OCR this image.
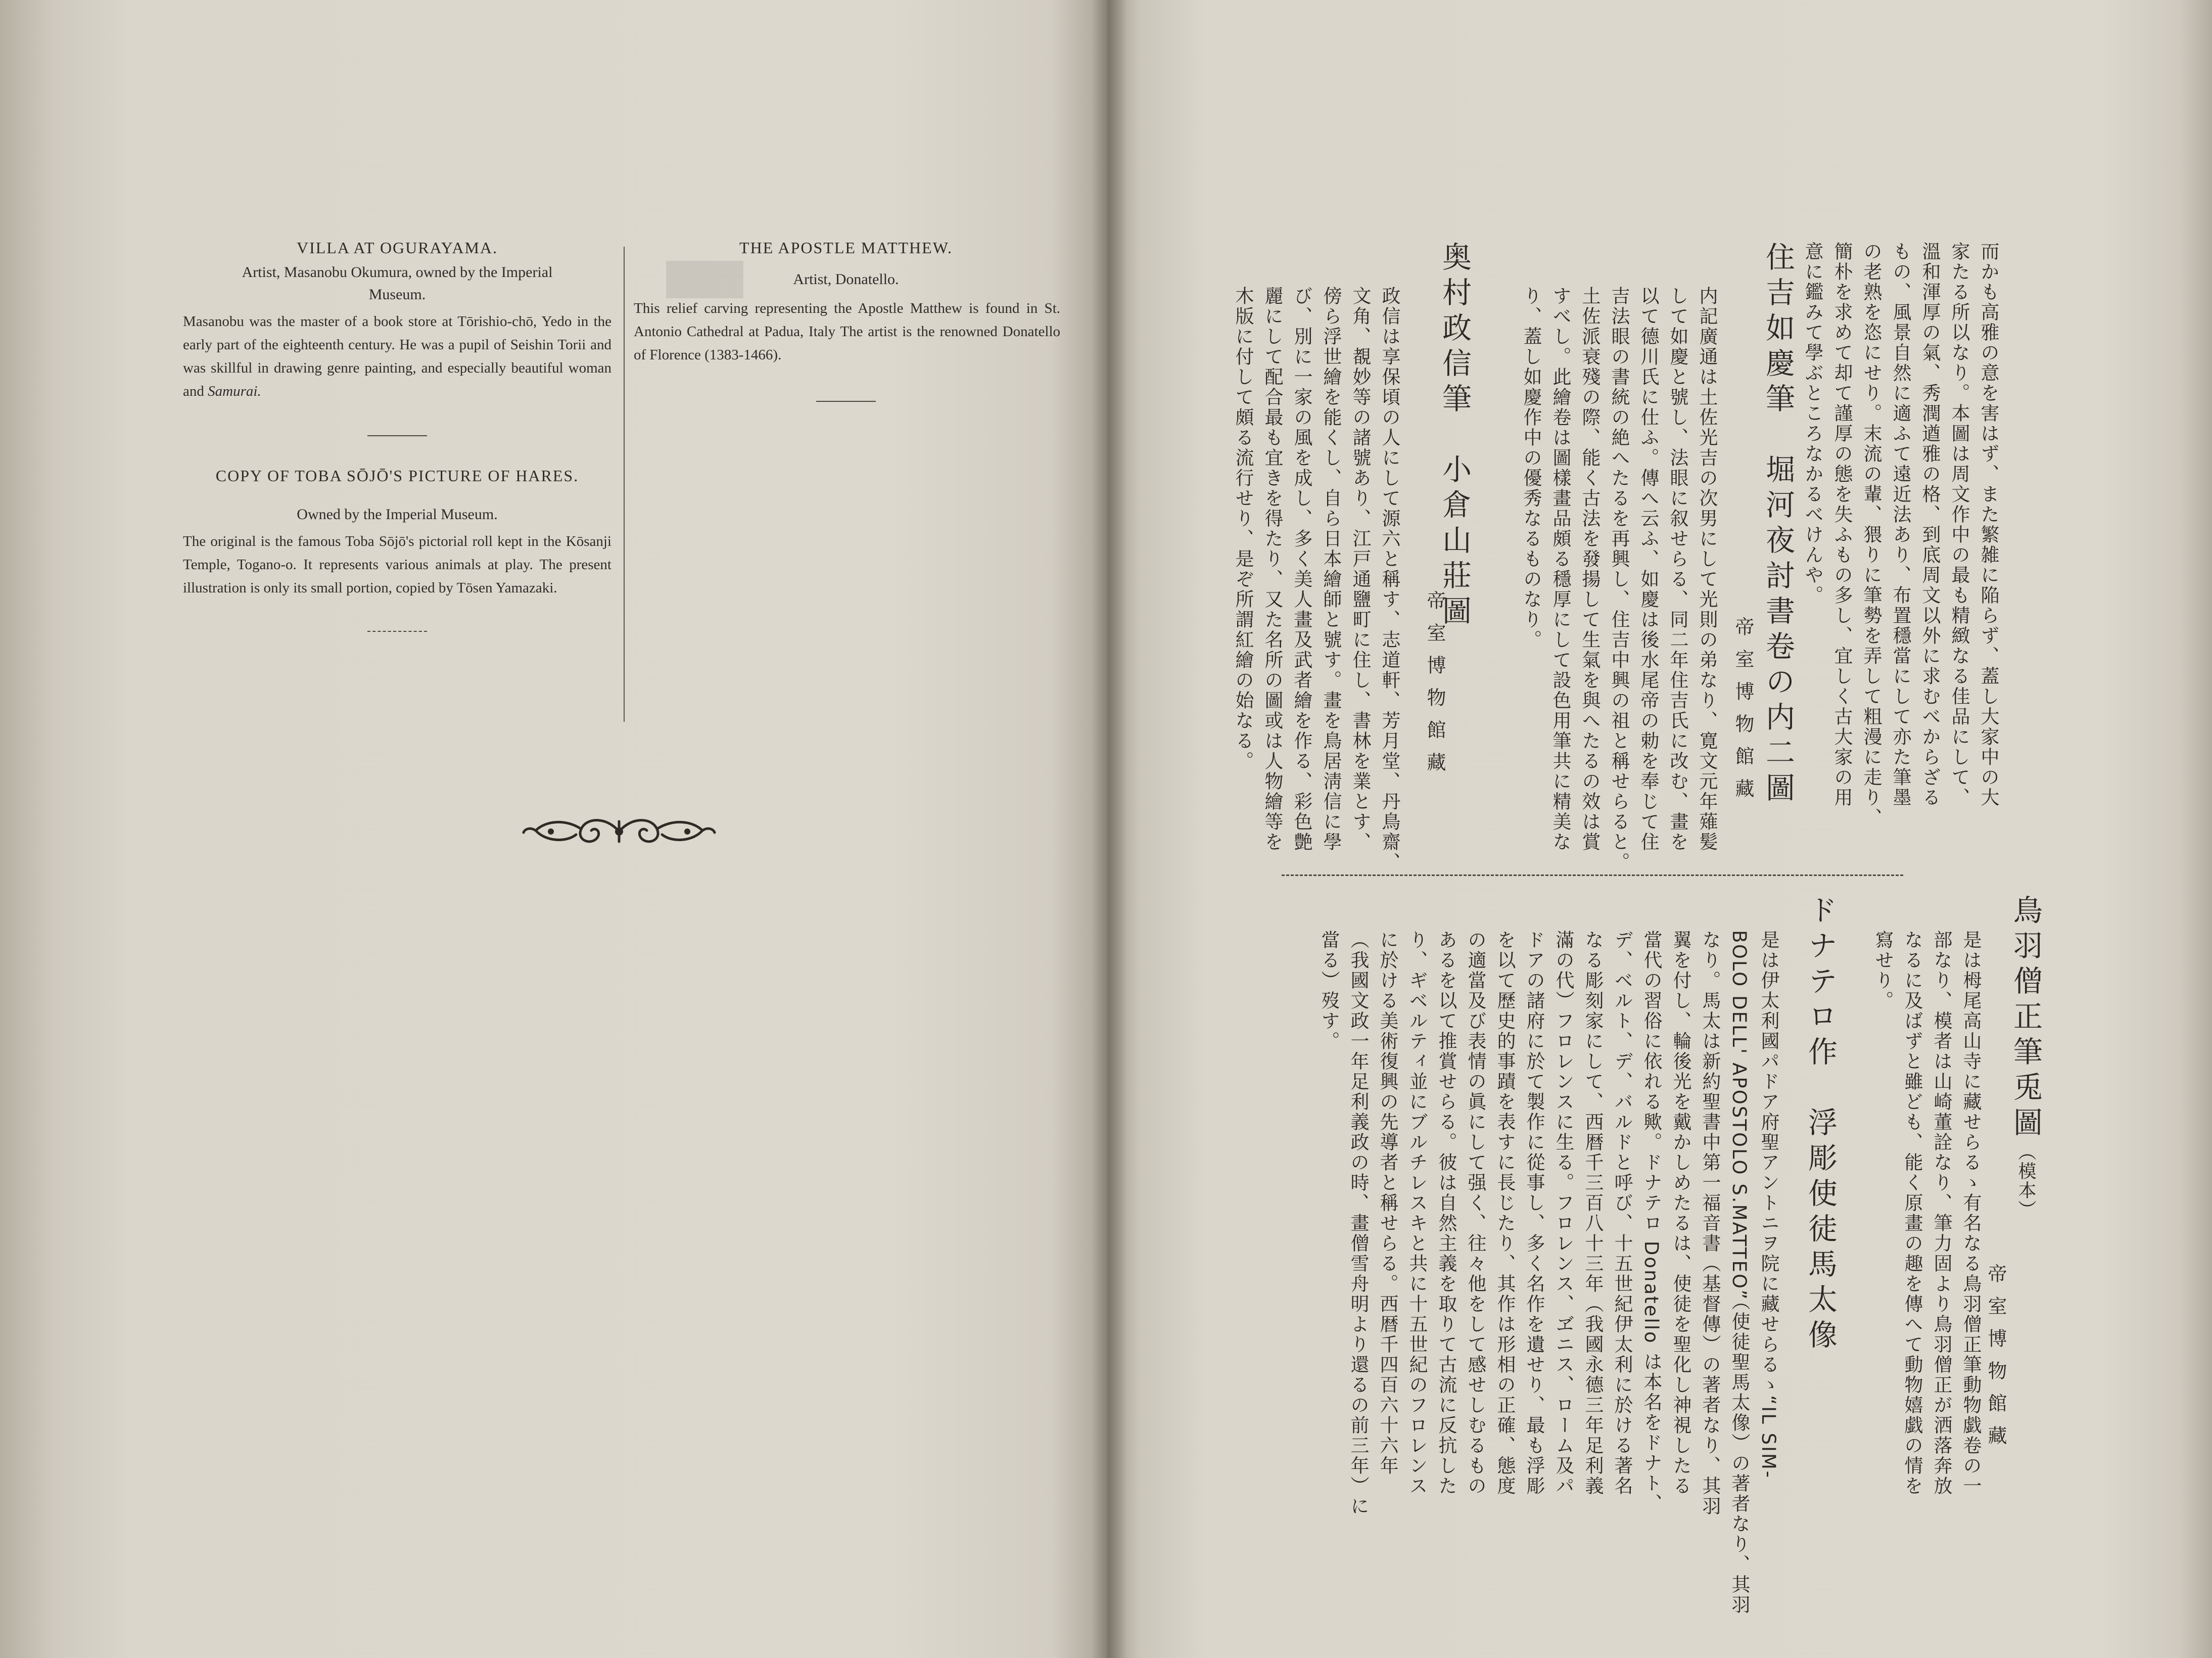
▬

VILLA AT OGURAYAMA.

Artist, Masanobu Okumura, owned by the Imperial Museum.

Masanobu was the master of a book store at Tōrishio-chō, Yedo in the early part of the eighteenth century. He was a pupil of Seishin Torii and was skillful in drawing genre painting, and especially beautiful woman and Samurai.

COPY OF TOBA SŌJŌ'S PICTURE OF HARES.

Owned by the Imperial Museum.

The original is the famous Toba Sōjō's pictorial roll kept in the Kōsanji Temple, Togano-o. It represents various animals at play. The present illustration is only its small portion, copied by Tōsen Yamazaki.

THE APOSTLE MATTHEW.

Artist, Donatello.

This relief carving representing the Apostle Matthew is found in St. Antonio Cathedral at Padua, Italy The artist is the renowned Donatello of Florence (1383-1466).	而かも高雅の意を害はず、また繁雑に陥らず、蓋し大家中の大

家たる所以なり。本圖は周文作中の最も精緻なる佳品にして、

溫和渾厚の氣、秀潤遒雅の格、到底周文以外に求むべからざる

もの、風景自然に適ふて遠近法あり、布置穩當にして亦た筆墨

の老熟を恣にせり。末流の輩、猥りに筆勢を弄して粗漫に走り、

簡朴を求めて却て謹厚の態を失ふもの多し、宜しく古大家の用

意に鑑みて學ぶところなかるべけんや。

住吉如慶筆　堀河夜討書卷の内二圖
帝室博物館藏

内記廣通は土佐光吉の次男にして光則の弟なり、寛文元年薙髪

して如慶と號し、法眼に叙せらる、同二年住吉氏に改む、畫を

以て德川氏に仕ふ。傳へ云ふ、如慶は後水尾帝の勅を奉じて住

吉法眼の書統の絶へたるを再興し、住吉中興の祖と稱せらると。

土佐派衰殘の際、能く古法を發揚して生氣を與へたるの效は賞

すべし。此繪卷は圖樣畫品頗る穩厚にして設色用筆共に精美な

り、蓋し如慶作中の優秀なるものなり。

奥村政信筆　小倉山莊圖
帝室博物館藏

政信は享保頃の人にして源六と稱す、志道軒、芳月堂、丹鳥齋、

文角、覩妙等の諸號あり、江戸通鹽町に住し、書林を業とす、

傍ら浮世繪を能くし、自ら日本繪師と號す。畫を鳥居淸信に學

び、別に一家の風を成し、多く美人畫及武者繪を作る、彩色艶

麗にして配合最も宜きを得たり、又た名所の圖或は人物繪等を

木版に付して頗る流行せり、是ぞ所謂紅繪の始なる。

鳥羽僧正筆兎圖（模本）
帝室博物館藏

是は栂尾高山寺に藏せらるゝ有名なる鳥羽僧正筆動物戯卷の一

部なり、模者は山崎董詮なり、筆力固より鳥羽僧正が洒落奔放

なるに及ばずと雖ども、能く原畫の趣を傳へて動物嬉戯の情を

寫せり。

ドナテロ作　浮彫使徒馬太像

是は伊太利國パドア府聖アントニヲ院に藏せらるゝ“IL SIM-

BOLO DELL' APOSTOLO S.MATTEO”（使徒聖馬太像）の著者なり、其羽

なり。馬太は新約聖書中第一福音書（基督傳）の著者なり、其羽

翼を付し、輪後光を戴かしめたるは、使徒を聖化し神視したる

當代の習俗に依れる歟。ドナテロ Donatello は本名をドナト、

デ、ベルト、デ、バルドと呼び、十五世紀伊太利に於ける著名

なる彫刻家にして、西暦千三百八十三年（我國永德三年足利義

滿の代）フロレンスに生る。フロレンス、ヹニス、ローム及パ

ドアの諸府に於て製作に從事し、多く名作を遺せり、最も浮彫

を以て歷史的事蹟を表すに長じたり、其作は形相の正確、態度

の適當及び表情の眞にして强く、往々他をして感せしむるもの

あるを以て推賞せらる。彼は自然主義を取りて古流に反抗した

り、ギベルティ並にブルチレスキと共に十五世紀のフロレンス

に於ける美術復興の先導者と稱せらる。西暦千四百六十六年

（我國文政一年足利義政の時、畫僧雪舟明より還るの前三年）に

當る）歿す。
